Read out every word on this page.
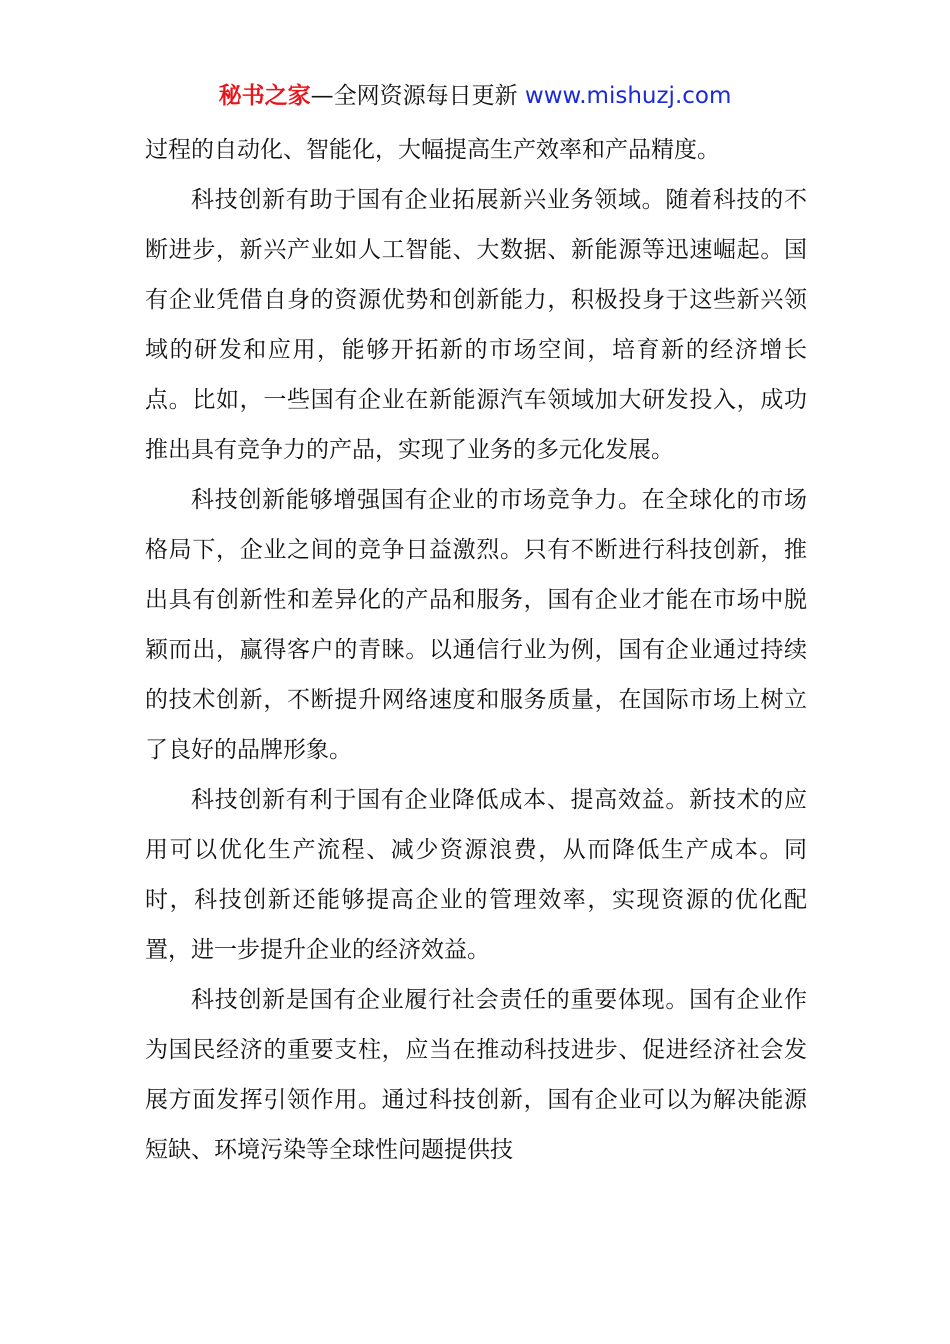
秘书之家—全网资源每日更新 www.mishuzj.com

过程的自动化、智能化，大幅提高生产效率和产品精度。

科技创新有助于国有企业拓展新兴业务领域。随着科技的不断进步，新兴产业如人工智能、大数据、新能源等迅速崛起。国有企业凭借自身的资源优势和创新能力，积极投身于这些新兴领域的研发和应用，能够开拓新的市场空间，培育新的经济增长点。比如，一些国有企业在新能源汽车领域加大研发投入，成功推出具有竞争力的产品，实现了业务的多元化发展。

科技创新能够增强国有企业的市场竞争力。在全球化的市场格局下，企业之间的竞争日益激烈。只有不断进行科技创新，推出具有创新性和差异化的产品和服务，国有企业才能在市场中脱颖而出，赢得客户的青睐。以通信行业为例，国有企业通过持续的技术创新，不断提升网络速度和服务质量，在国际市场上树立了良好的品牌形象。

科技创新有利于国有企业降低成本、提高效益。新技术的应用可以优化生产流程、减少资源浪费，从而降低生产成本。同时，科技创新还能够提高企业的管理效率，实现资源的优化配置，进一步提升企业的经济效益。

科技创新是国有企业履行社会责任的重要体现。国有企业作为国民经济的重要支柱，应当在推动科技进步、促进经济社会发展方面发挥引领作用。通过科技创新，国有企业可以为解决能源短缺、环境污染等全球性问题提供技
